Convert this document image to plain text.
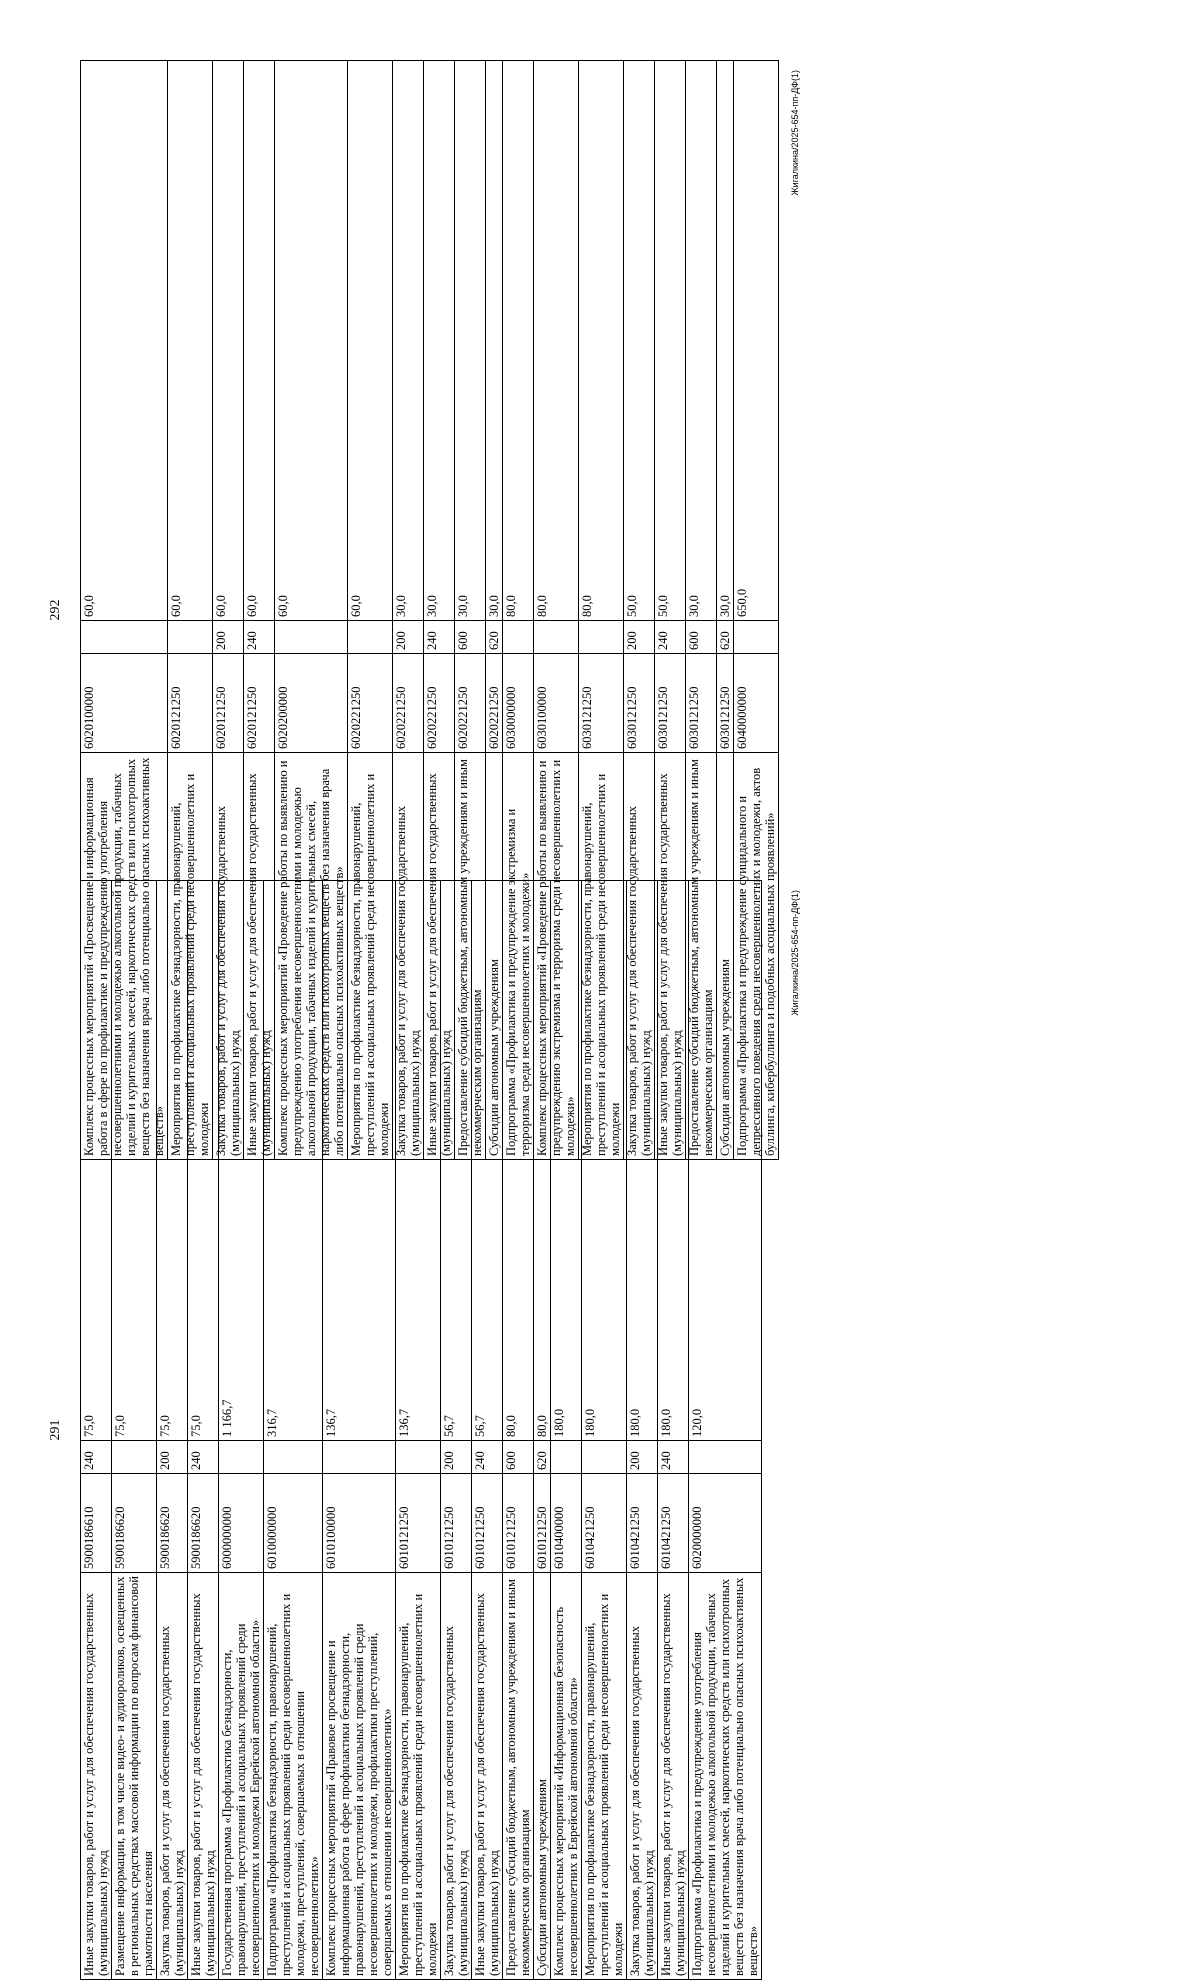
291
Иные закупки товаров, работ и услуг для обеспечения государственных (муниципальных) нужд	5900186610	240	75,0
Размещение информации, в том числе видео- и аудиороликов, освещенных в региональных средствах массовой информации по вопросам финансовой грамотности населения	5900186620		75,0
Закупка товаров, работ и услуг для обеспечения государственных (муниципальных) нужд	5900186620	200	75,0
Иные закупки товаров, работ и услуг для обеспечения государственных (муниципальных) нужд	5900186620	240	75,0
Государственная программа «Профилактика безнадзорности, правонарушений, преступлений и асоциальных проявлений среди несовершеннолетних и молодежи Еврейской автономной области»	6000000000		1 166,7
Подпрограмма «Профилактика безнадзорности, правонарушений, преступлений и асоциальных проявлений среди несовершеннолетних и молодежи, преступлений, совершаемых в отношении несовершеннолетних»	6010000000		316,7
Комплекс процессных мероприятий «Правовое просвещение и информационная работа в сфере профилактики безнадзорности, правонарушений, преступлений и асоциальных проявлений среди несовершеннолетних и молодежи, профилактики преступлений, совершаемых в отношении несовершеннолетних»	6010100000		136,7
Мероприятия по профилактике безнадзорности, правонарушений, преступлений и асоциальных проявлений среди несовершеннолетних и молодежи	6010121250		136,7
Закупка товаров, работ и услуг для обеспечения государственных (муниципальных) нужд	6010121250	200	56,7
Иные закупки товаров, работ и услуг для обеспечения государственных (муниципальных) нужд	6010121250	240	56,7
Предоставление субсидий бюджетным, автономным учреждениям и иным некоммерческим организациям	6010121250	600	80,0
Субсидии автономным учреждениям	6010121250	620	80,0
Комплекс процессных мероприятий «Информационная безопасность несовершеннолетних в Еврейской автономной области»	6010400000		180,0
Мероприятия по профилактике безнадзорности, правонарушений, преступлений и асоциальных проявлений среди несовершеннолетних и молодежи	6010421250		180,0
Закупка товаров, работ и услуг для обеспечения государственных (муниципальных) нужд	6010421250	200	180,0
Иные закупки товаров, работ и услуг для обеспечения государственных (муниципальных) нужд	6010421250	240	180,0
Подпрограмма «Профилактика и предупреждение употребления несовершеннолетними и молодежью алкогольной продукции, табачных изделий и курительных смесей, наркотических средств или психотропных веществ без назначения врача либо потенциально опасных психоактивных веществ»	6020000000		120,0
Жигалкина/2025-654-пп-ДФ(1)
292
Комплекс процессных мероприятий «Просвещение и информационная работа в сфере по профилактике и предупреждению употребления несовершеннолетними и молодежью алкогольной продукции, табачных изделий и курительных смесей, наркотических средств или психотропных веществ без назначения врача либо потенциально опасных психоактивных веществ»	6020100000		60,0
Мероприятия по профилактике безнадзорности, правонарушений, преступлений и асоциальных проявлений среди несовершеннолетних и молодежи	6020121250		60,0
Закупка товаров, работ и услуг для обеспечения государственных (муниципальных) нужд	6020121250	200	60,0
Иные закупки товаров, работ и услуг для обеспечения государственных (муниципальных) нужд	6020121250	240	60,0
Комплекс процессных мероприятий «Проведение работы по выявлению и предупреждению употребления несовершеннолетними и молодежью алкогольной продукции, табачных изделий и курительных смесей, наркотических средств или психотропных веществ без назначения врача либо потенциально опасных психоактивных веществ»	6020200000		60,0
Мероприятия по профилактике безнадзорности, правонарушений, преступлений и асоциальных проявлений среди несовершеннолетних и молодежи	6020221250		60,0
Закупка товаров, работ и услуг для обеспечения государственных (муниципальных) нужд	6020221250	200	30,0
Иные закупки товаров, работ и услуг для обеспечения государственных (муниципальных) нужд	6020221250	240	30,0
Предоставление субсидий бюджетным, автономным учреждениям и иным некоммерческим организациям	6020221250	600	30,0
Субсидии автономным учреждениям	6020221250	620	30,0
Подпрограмма «Профилактика и предупреждение экстремизма и терроризма среди несовершеннолетних и молодежи»	6030000000		80,0
Комплекс процессных мероприятий «Проведение работы по выявлению и предупреждению экстремизма и терроризма среди несовершеннолетних и молодежи»	6030100000		80,0
Мероприятия по профилактике безнадзорности, правонарушений, преступлений и асоциальных проявлений среди несовершеннолетних и молодежи	6030121250		80,0
Закупка товаров, работ и услуг для обеспечения государственных (муниципальных) нужд	6030121250	200	50,0
Иные закупки товаров, работ и услуг для обеспечения государственных (муниципальных) нужд	6030121250	240	50,0
Предоставление субсидий бюджетным, автономным учреждениям и иным некоммерческим организациям	6030121250	600	30,0
Субсидии автономным учреждениям	6030121250	620	30,0
Подпрограмма «Профилактика и предупреждение суицидального и депрессивного поведения среди несовершеннолетних и молодежи, актов буллинга, кибербуллинга и подобных асоциальных проявлений»	6040000000		650,0
Жигалкина/2025-654-пп-ДФ(1)
